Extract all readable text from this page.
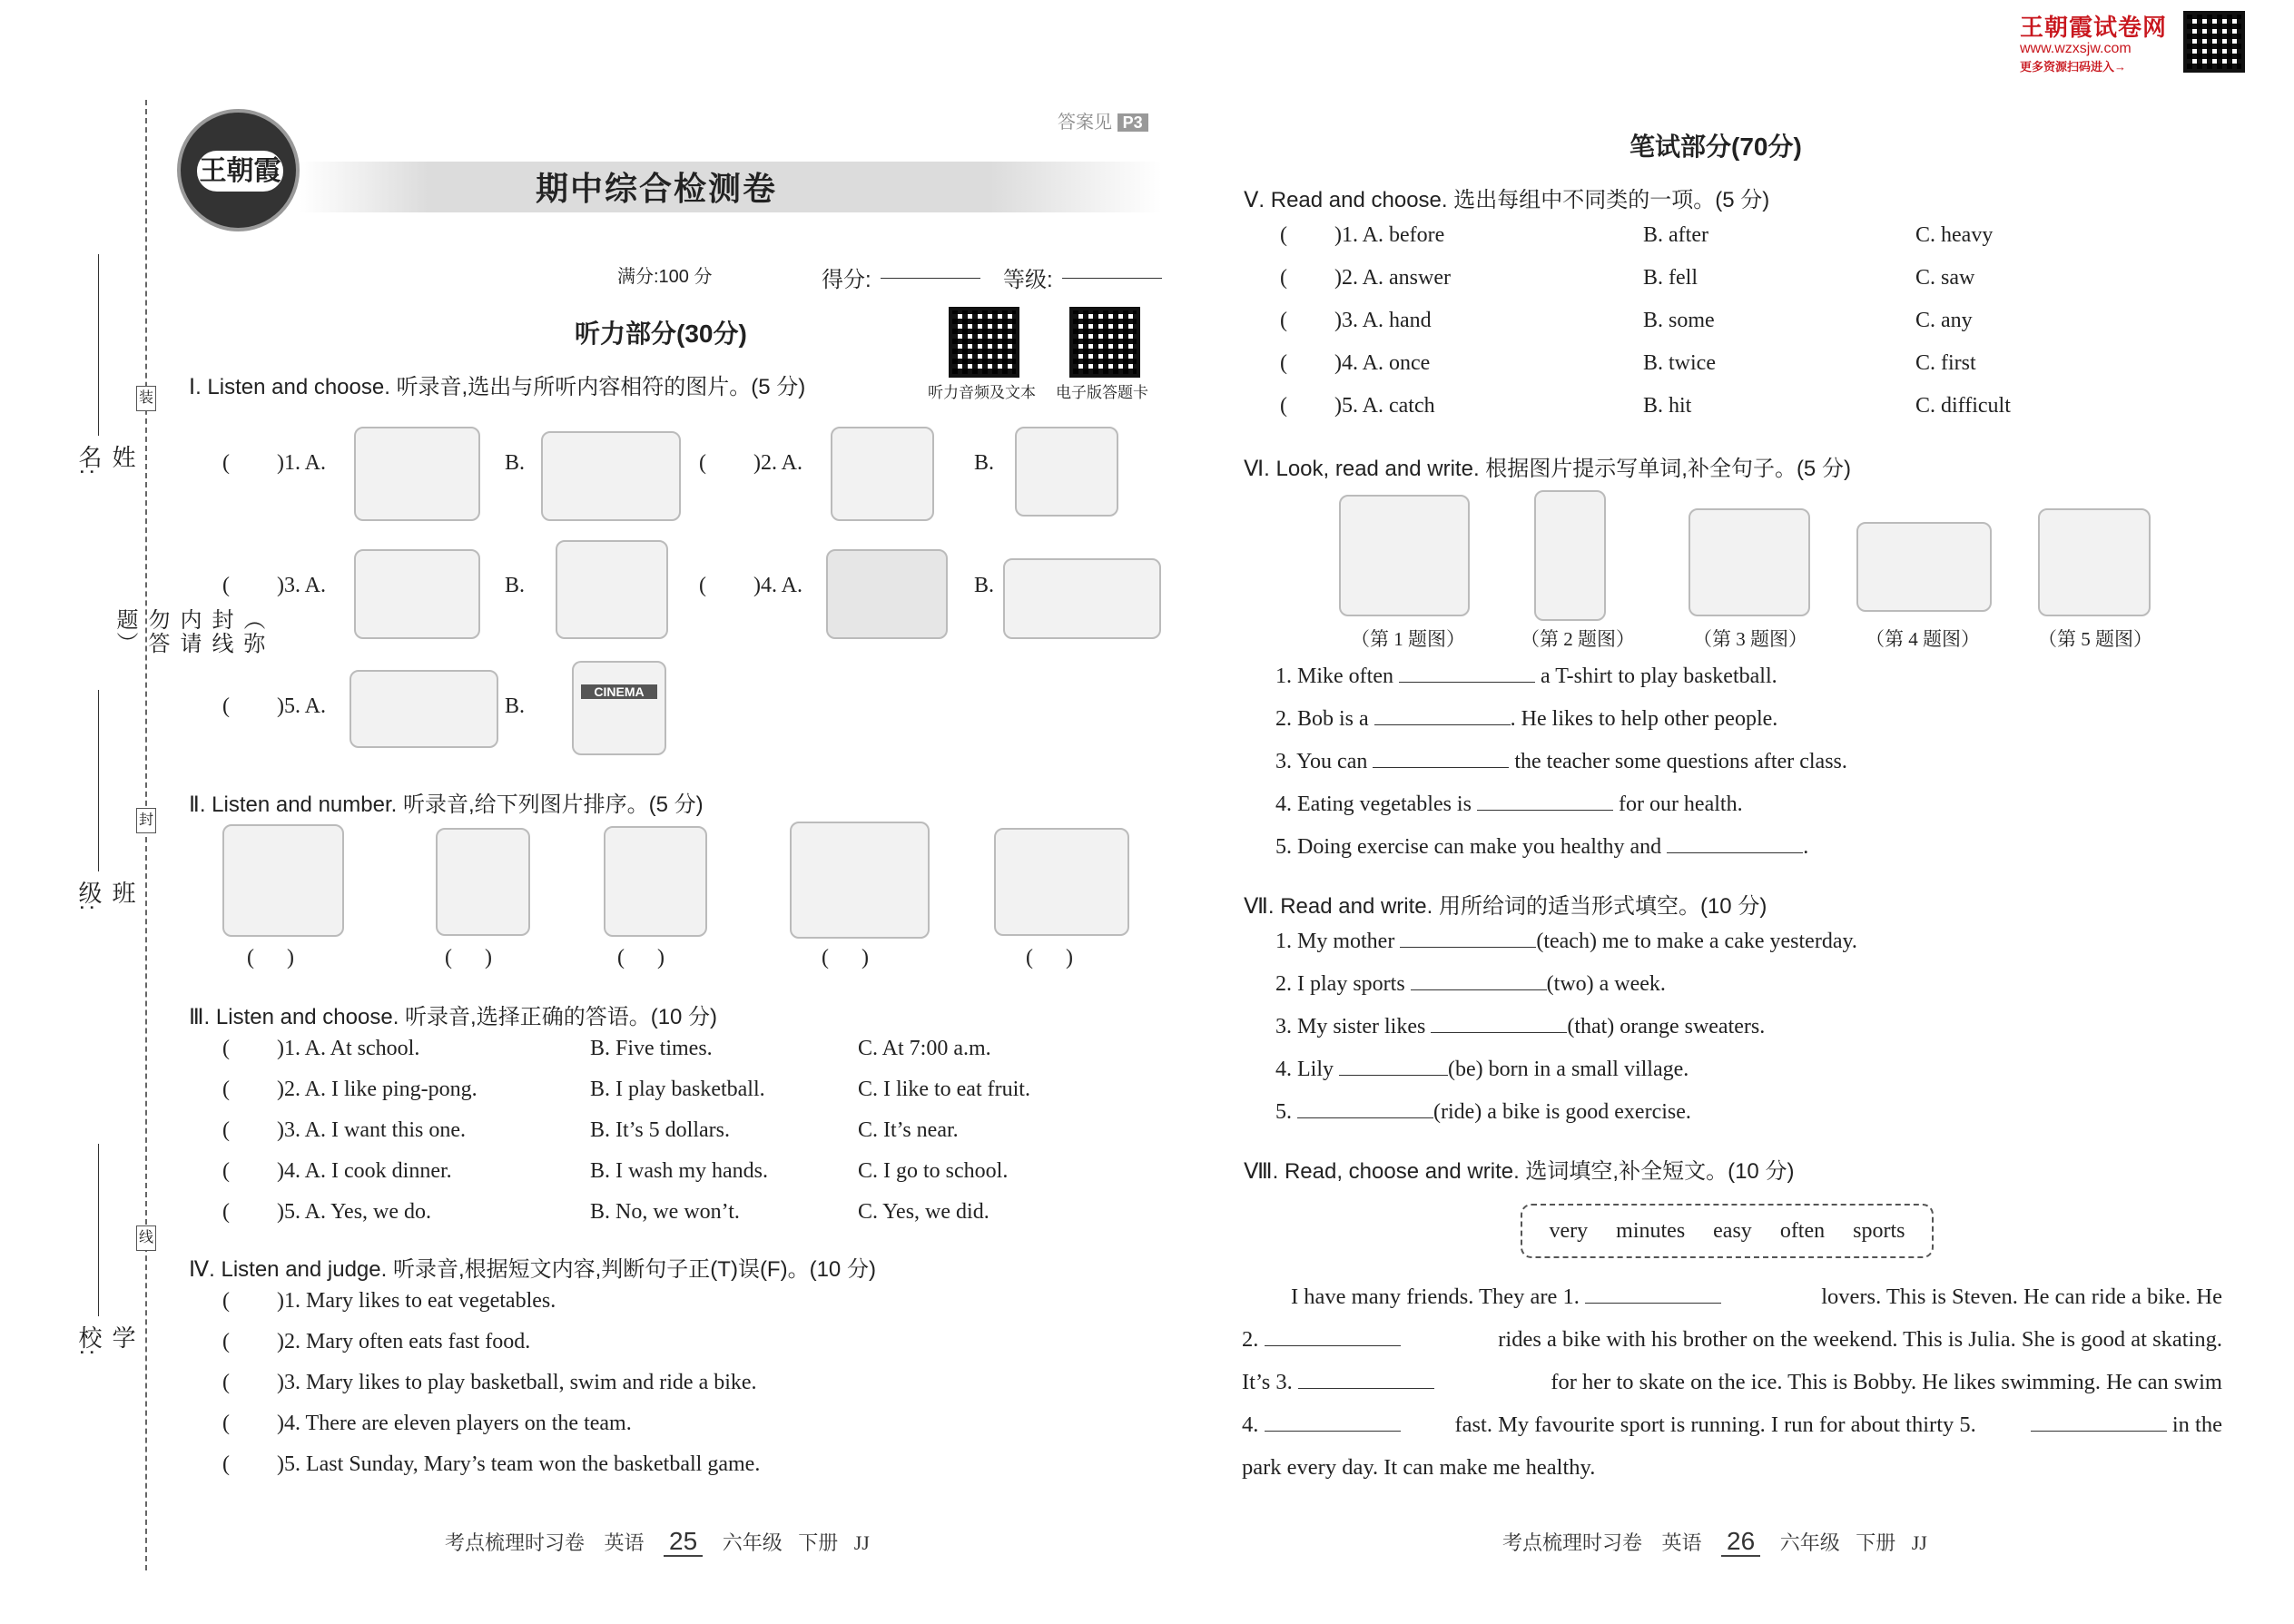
王朝霞试卷网
www.wzxsjw.com
更多资源扫码进入→
姓名:
班级:
学校:
（弥封线内请勿答题）
装
封
线
王朝霞
答案见 P3
期中综合检测卷
满分:100 分	得分:	等级:
听力部分(30分)
听力音频及文本 电子版答题卡
Ⅰ. Listen and choose. 听录音,选出与所听内容相符的图片。(5 分)
( )1. A.	B.	( )2. A.	B.
( )3. A.	B.	( )4. A.	B.
( )5. A.	B.
CINEMA
Ⅱ. Listen and number. 听录音,给下列图片排序。(5 分)
(      )	(      )	(      )	(      )	(      )
Ⅲ. Listen and choose. 听录音,选择正确的答语。(10 分)
( )1. A. At school.	B. Five times.	C. At 7:00 a.m.
( )2. A. I like ping-pong.	B. I play basketball.	C. I like to eat fruit.
( )3. A. I want this one.	B. It’s 5 dollars.	C. It’s near.
( )4. A. I cook dinner.	B. I wash my hands.	C. I go to school.
( )5. A. Yes, we do.	B. No, we won’t.	C. Yes, we did.
Ⅳ. Listen and judge. 听录音,根据短文内容,判断句子正(T)误(F)。(10 分)
( )1. Mary likes to eat vegetables.
( )2. Mary often eats fast food.
( )3. Mary likes to play basketball, swim and ride a bike.
( )4. There are eleven players on the team.
( )5. Last Sunday, Mary’s team won the basketball game.
考点梳理时习卷 英语 25 六年级 下册 JJ
笔试部分(70分)
Ⅴ. Read and choose. 选出每组中不同类的一项。(5 分)
( )1. A. before	B. after	C. heavy
( )2. A. answer	B. fell	C. saw
( )3. A. hand	B. some	C. any
( )4. A. once	B. twice	C. first
( )5. A. catch	B. hit	C. difficult
Ⅵ. Look, read and write. 根据图片提示写单词,补全句子。(5 分)
（第 1 题图）	（第 2 题图）	（第 3 题图）	（第 4 题图）	（第 5 题图）
1. Mike often	a T-shirt to play basketball.
2. Bob is a	. He likes to help other people.
3. You can	the teacher some questions after class.
4. Eating vegetables is	for our health.
5. Doing exercise can make you healthy and	.
Ⅶ. Read and write. 用所给词的适当形式填空。(10 分)
1. My mother	(teach) me to make a cake yesterday.
2. I play sports	(two) a week.
3. My sister likes	(that) orange sweaters.
4. Lily	(be) born in a small village.
5.	(ride) a bike is good exercise.
Ⅷ. Read, choose and write. 选词填空,补全短文。(10 分)
very minutes easy often sports
I have many friends. They are 1.	lovers. This is Steven. He can ride a bike. He
2.	rides a bike with his brother on the weekend. This is Julia. She is good at skating.
It’s 3.	for her to skate on the ice. This is Bobby. He likes swimming. He can swim
4.	fast. My favourite sport is running. I run for about thirty 5.	in the
park every day. It can make me healthy.
考点梳理时习卷 英语 26 六年级 下册 JJ
